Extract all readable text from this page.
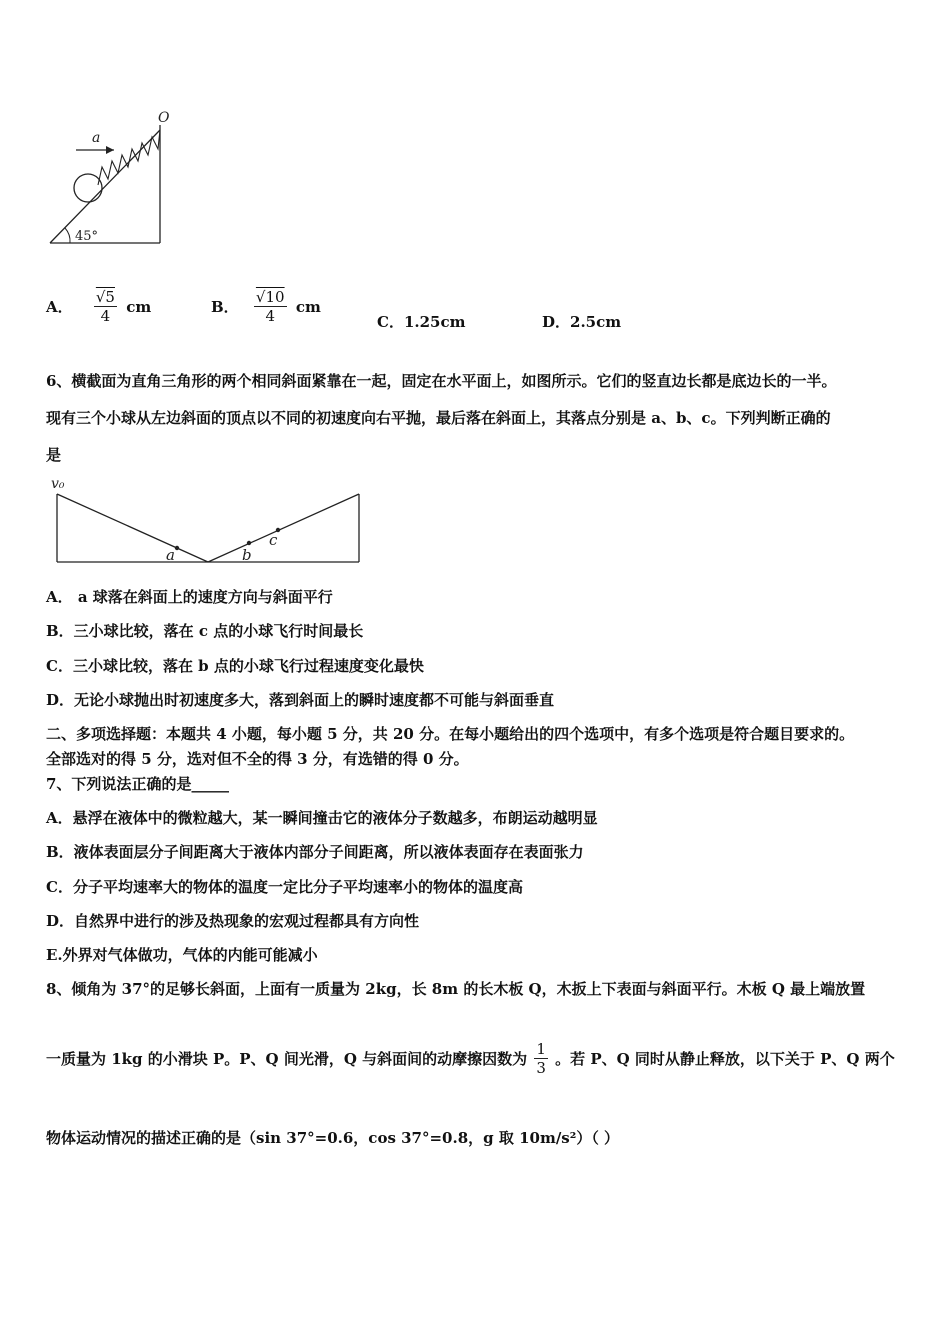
a
O
45°
A． $\frac{√5}{4}$ cm	B． $\frac{√10}{4}$ cm
C．1.25cm	D．2.5cm
6、横截面为直角三角形的两个相同斜面紧靠在一起，固定在水平面上，如图所示。它们的竖直边长都是底边长的一半。
现有三个小球从左边斜面的顶点以不同的初速度向右平抛，最后落在斜面上，其落点分别是 a、b、c。下列判断正确的
是
v₀
a	b
c
A． a 球落在斜面上的速度方向与斜面平行
B．三小球比较，落在 c 点的小球飞行时间最长
C．三小球比较，落在 b 点的小球飞行过程速度变化最快
D．无论小球抛出时初速度多大，落到斜面上的瞬时速度都不可能与斜面垂直
二、多项选择题：本题共 4 小题，每小题 5 分，共 20 分。在每小题给出的四个选项中，有多个选项是符合题目要求的。
全部选对的得 5 分，选对但不全的得 3 分，有选错的得 0 分。
7、下列说法正确的是_____
A．悬浮在液体中的微粒越大，某一瞬间撞击它的液体分子数越多，布朗运动越明显
B．液体表面层分子间距离大于液体内部分子间距离，所以液体表面存在表面张力
C．分子平均速率大的物体的温度一定比分子平均速率小的物体的温度高
D．自然界中进行的涉及热现象的宏观过程都具有方向性
E.外界对气体做功，气体的内能可能减小
8、倾角为 37°的足够长斜面，上面有一质量为 2kg，长 8m 的长木板 Q，木扳上下表面与斜面平行。木板 Q 最上端放置
一质量为 1kg 的小滑块 P。P、Q 间光滑，Q 与斜面间的动摩擦因数为 $\frac{1}{3}$ 。若 P、Q 同时从静止释放，以下关于 P、Q 两个
物体运动情况的描述正确的是（sin 37°=0.6，cos 37°=0.8，g 取 10m/s²）（ ）
